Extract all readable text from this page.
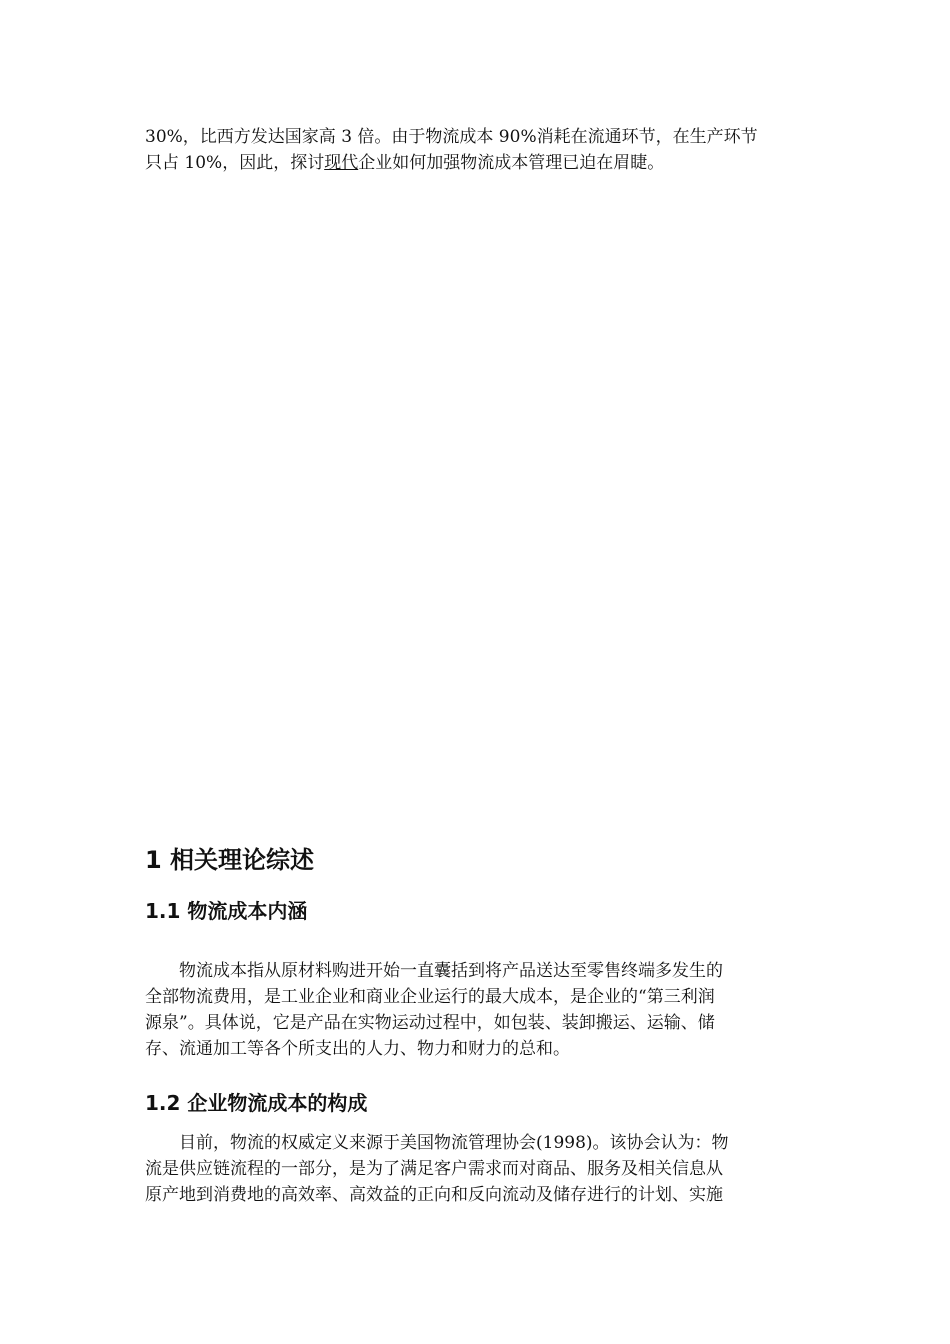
30%，比西方发达国家高 3 倍。由于物流成本 90%消耗在流通环节，在生产环节
只占 10%，因此，探讨现代企业如何加强物流成本管理已迫在眉睫。

1 相关理论综述
1.1 物流成本内涵

物流成本指从原材料购进开始一直囊括到将产品送达至零售终端多发生的
全部物流费用，是工业企业和商业企业运行的最大成本，是企业的“第三利润
源泉”。具体说，它是产品在实物运动过程中，如包装、装卸搬运、运输、储
存、流通加工等各个所支出的人力、物力和财力的总和。

1.2 企业物流成本的构成

目前，物流的权威定义来源于美国物流管理协会(1998)。该协会认为：物
流是供应链流程的一部分，是为了满足客户需求而对商品、服务及相关信息从
原产地到消费地的高效率、高效益的正向和反向流动及储存进行的计划、实施
